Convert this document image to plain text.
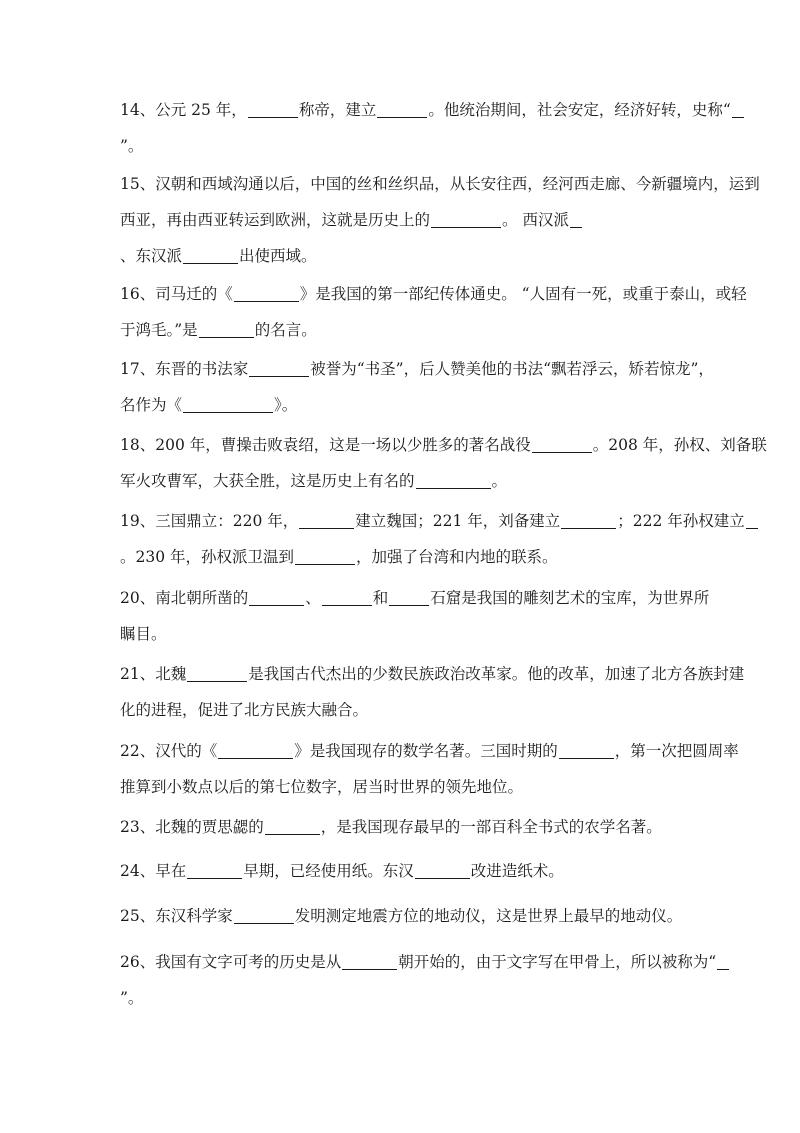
14、公元 25 年，	称帝，建立	。他统治期间，社会安定，经济好转，史称“
”。
15、汉朝和西域沟通以后，中国的丝和丝织品，从长安往西，经河西走廊、今新疆境内，运到
西亚，再由西亚转运到欧洲，这就是历史上的	。 西汉派
、东汉派	出使西域。
16、司马迁的《	》是我国的第一部纪传体通史。 “人固有一死，或重于泰山，或轻
于鸿毛。”是	的名言。
17、东晋的书法家	被誉为“书圣”，后人赞美他的书法“飘若浮云，矫若惊龙”，
名作为《	》。
18、200 年，曹操击败袁绍，这是一场以少胜多的著名战役	。208 年，孙权、刘备联
军火攻曹军，大获全胜，这是历史上有名的	。
19、三国鼎立：220 年，	建立魏国；221 年，刘备建立	；222 年孙权建立
。230 年，孙权派卫温到	，加强了台湾和内地的联系。
20、南北朝所凿的	、	和	石窟是我国的雕刻艺术的宝库，为世界所
瞩目。
21、北魏	是我国古代杰出的少数民族政治改革家。他的改革，加速了北方各族封建
化的进程，促进了北方民族大融合。
22、汉代的《	》是我国现存的数学名著。三国时期的	，第一次把圆周率
推算到小数点以后的第七位数字，居当时世界的领先地位。
23、北魏的贾思勰的	，是我国现存最早的一部百科全书式的农学名著。
24、早在	早期，已经使用纸。东汉	改进造纸术。
25、东汉科学家	发明测定地震方位的地动仪，这是世界上最早的地动仪。
26、我国有文字可考的历史是从	朝开始的，由于文字写在甲骨上，所以被称为“
”。
